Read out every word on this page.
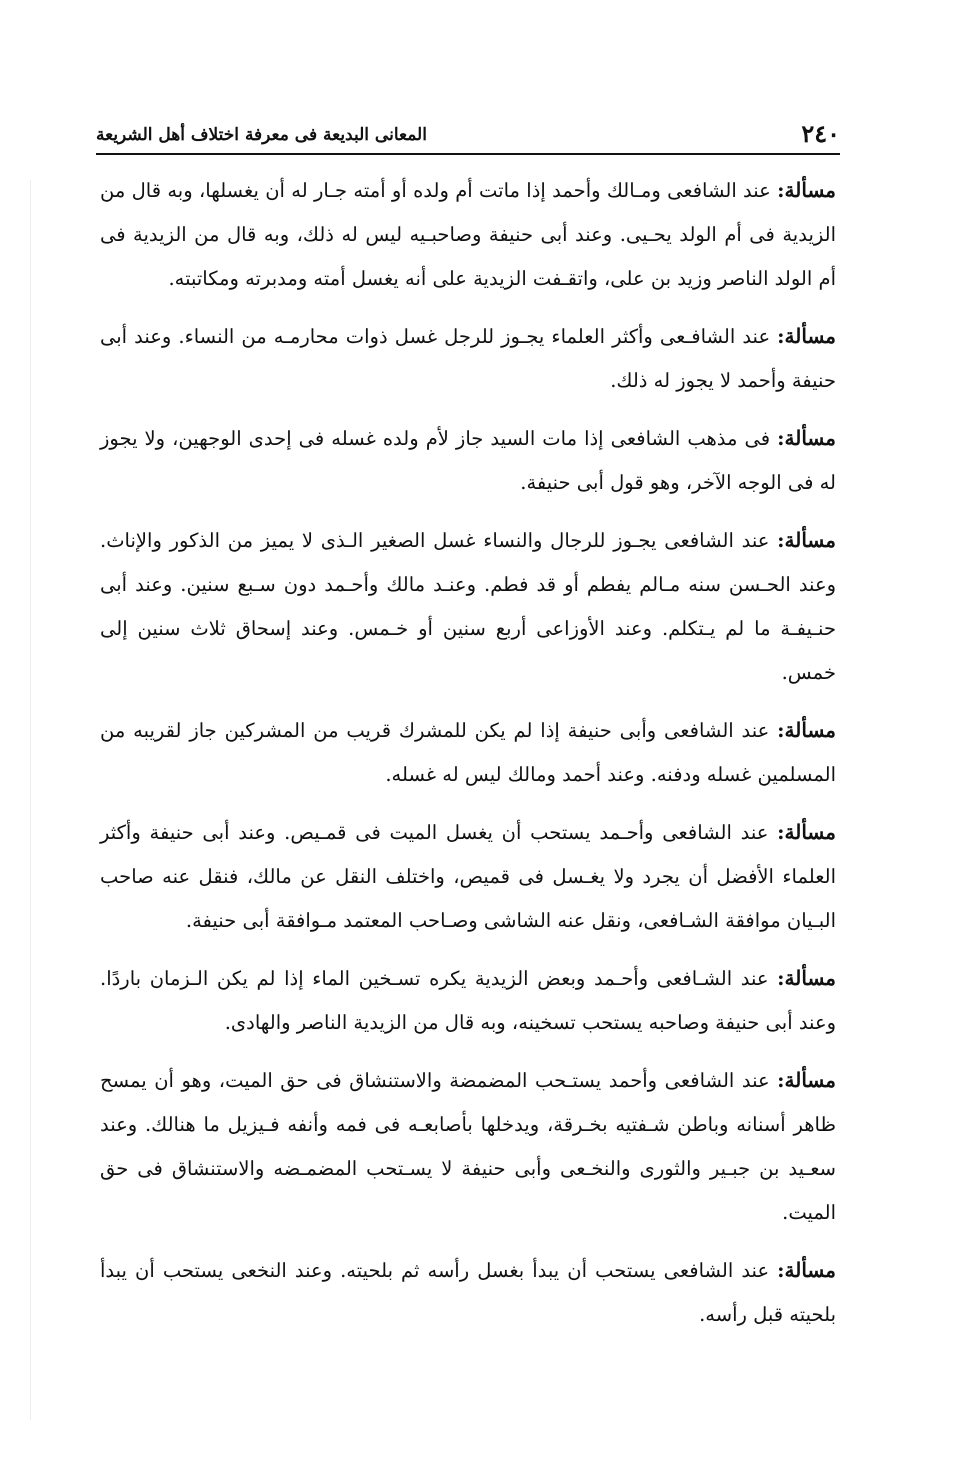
٢٤٠
المعانى البديعة فى معرفة اختلاف أهل الشريعة

مسألة: عند الشافعى ومـالك وأحمد إذا ماتت أم ولده أو أمته جـار له أن يغسلها، وبه قال من الزيدية فى أم الولد يحـيى. وعند أبى حنيفة وصاحبـيه ليس له ذلك، وبه قال من الزيدية فى أم الولد الناصر وزيد بن على، واتقـفت الزيدية على أنه يغسل أمته ومدبرته ومكاتبته.

مسألة: عند الشافـعى وأكثر العلماء يجـوز للرجل غسل ذوات محارمـه من النساء. وعند أبى حنيفة وأحمد لا يجوز له ذلك.

مسألة: فى مذهب الشافعى إذا مات السيد جاز لأم ولده غسله فى إحدى الوجهين، ولا يجوز له فى الوجه الآخر، وهو قول أبى حنيفة.

مسألة: عند الشافعى يجـوز للرجال والنساء غسل الصغير الـذى لا يميز من الذكور والإناث. وعند الحـسن سنه مـالم يفطم أو قد فطم. وعنـد مالك وأحـمد دون سـبع سنين. وعند أبى حنـيفـة ما لم يـتكلم. وعند الأوزاعى أربع سنين أو خـمس. وعند إسحاق ثلاث سنين إلى خمس.

مسألة: عند الشافعى وأبى حنيفة إذا لم يكن للمشرك قريب من المشركين جاز لقريبه من المسلمين غسله ودفنه. وعند أحمد ومالك ليس له غسله.

مسألة: عند الشافعى وأحـمد يستحب أن يغسل الميت فى قمـيص. وعند أبى حنيفة وأكثر العلماء الأفضل أن يجرد ولا يغـسل فى قميص، واختلف النقل عن مالك، فنقل عنه صاحب البـيان موافقة الشـافعى، ونقل عنه الشاشى وصـاحب المعتمد مـوافقة أبى حنيفة.

مسألة: عند الشـافعى وأحـمد وبعض الزيدية يكره تسـخين الماء إذا لم يكن الـزمان باردًا. وعند أبى حنيفة وصاحبه يستحب تسخينه، وبه قال من الزيدية الناصر والهادى.

مسألة: عند الشافعى وأحمد يستـحب المضمضة والاستنشاق فى حق الميت، وهو أن يمسح ظاهر أسنانه وباطن شـفتيه بخـرقة، ويدخلها بأصابعـه فى فمه وأنفه فـيزيل ما هنالك. وعند سعـيد بن جبـير والثورى والنخـعى وأبى حنيفة لا يسـتحب المضمـضه والاستنشاق فى حق الميت.

مسألة: عند الشافعى يستحب أن يبدأ بغسل رأسه ثم بلحيته. وعند النخعى يستحب أن يبدأ بلحيته قبل رأسه.
